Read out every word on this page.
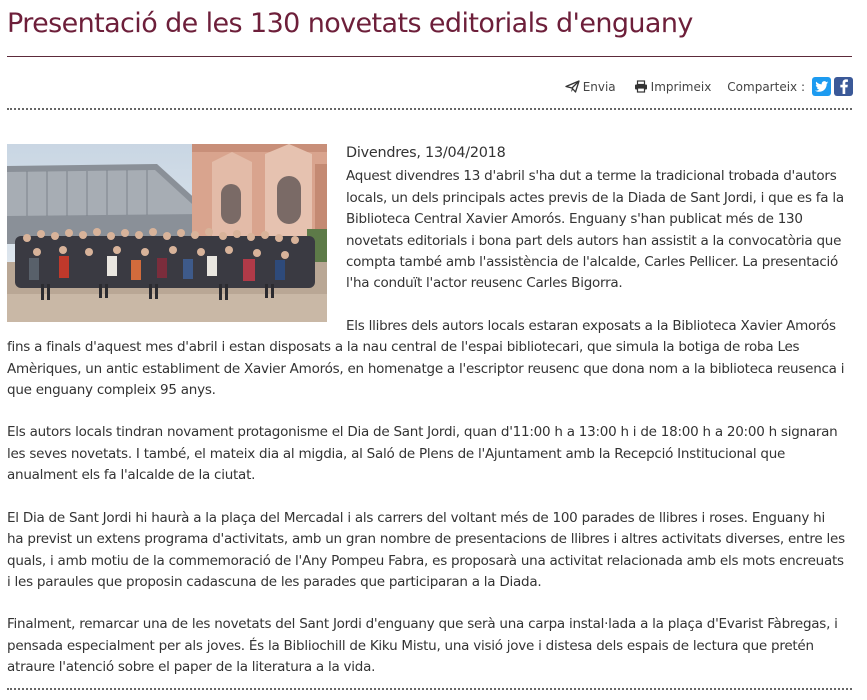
Presentació de les 130 novetats editorials d'enguany
Envia	Imprimeix Comparteix :
Divendres, 13/04/2018

Aquest divendres 13 d'abril s'ha dut a terme la tradicional trobada d'autors locals, un dels principals actes previs de la Diada de Sant Jordi, i que es fa la Biblioteca Central Xavier Amorós. Enguany s'han publicat més de 130 novetats editorials i bona part dels autors han assistit a la convocatòria que compta també amb l'assistència de l'alcalde, Carles Pellicer. La presentació l'ha conduït l'actor reusenc Carles Bigorra.

Els llibres dels autors locals estaran exposats a la Biblioteca Xavier Amorós fins a finals d'aquest mes d'abril i estan disposats a la nau central de l'espai bibliotecari, que simula la botiga de roba Les Amèriques, un antic establiment de Xavier Amorós, en homenatge a l'escriptor reusenc que dona nom a la biblioteca reusenca i que enguany compleix 95 anys.

Els autors locals tindran novament protagonisme el Dia de Sant Jordi, quan d'11:00 h a 13:00 h i de 18:00 h a 20:00 h signaran les seves novetats. I també, el mateix dia al migdia, al Saló de Plens de l'Ajuntament amb la Recepció Institucional que anualment els fa l'alcalde de la ciutat.

El Dia de Sant Jordi hi haurà a la plaça del Mercadal i als carrers del voltant més de 100 parades de llibres i roses. Enguany hi ha previst un extens programa d'activitats, amb un gran nombre de presentacions de llibres i altres activitats diverses, entre les quals, i amb motiu de la commemoració de l'Any Pompeu Fabra, es proposarà una activitat relacionada amb els mots encreuats i les paraules que proposin cadascuna de les parades que participaran a la Diada.

Finalment, remarcar una de les novetats del Sant Jordi d'enguany que serà una carpa instal·lada a la plaça d'Evarist Fàbregas, i pensada especialment per als joves. És la Bibliochill de Kiku Mistu, una visió jove i distesa dels espais de lectura que pretén atraure l'atenció sobre el paper de la literatura a la vida.
